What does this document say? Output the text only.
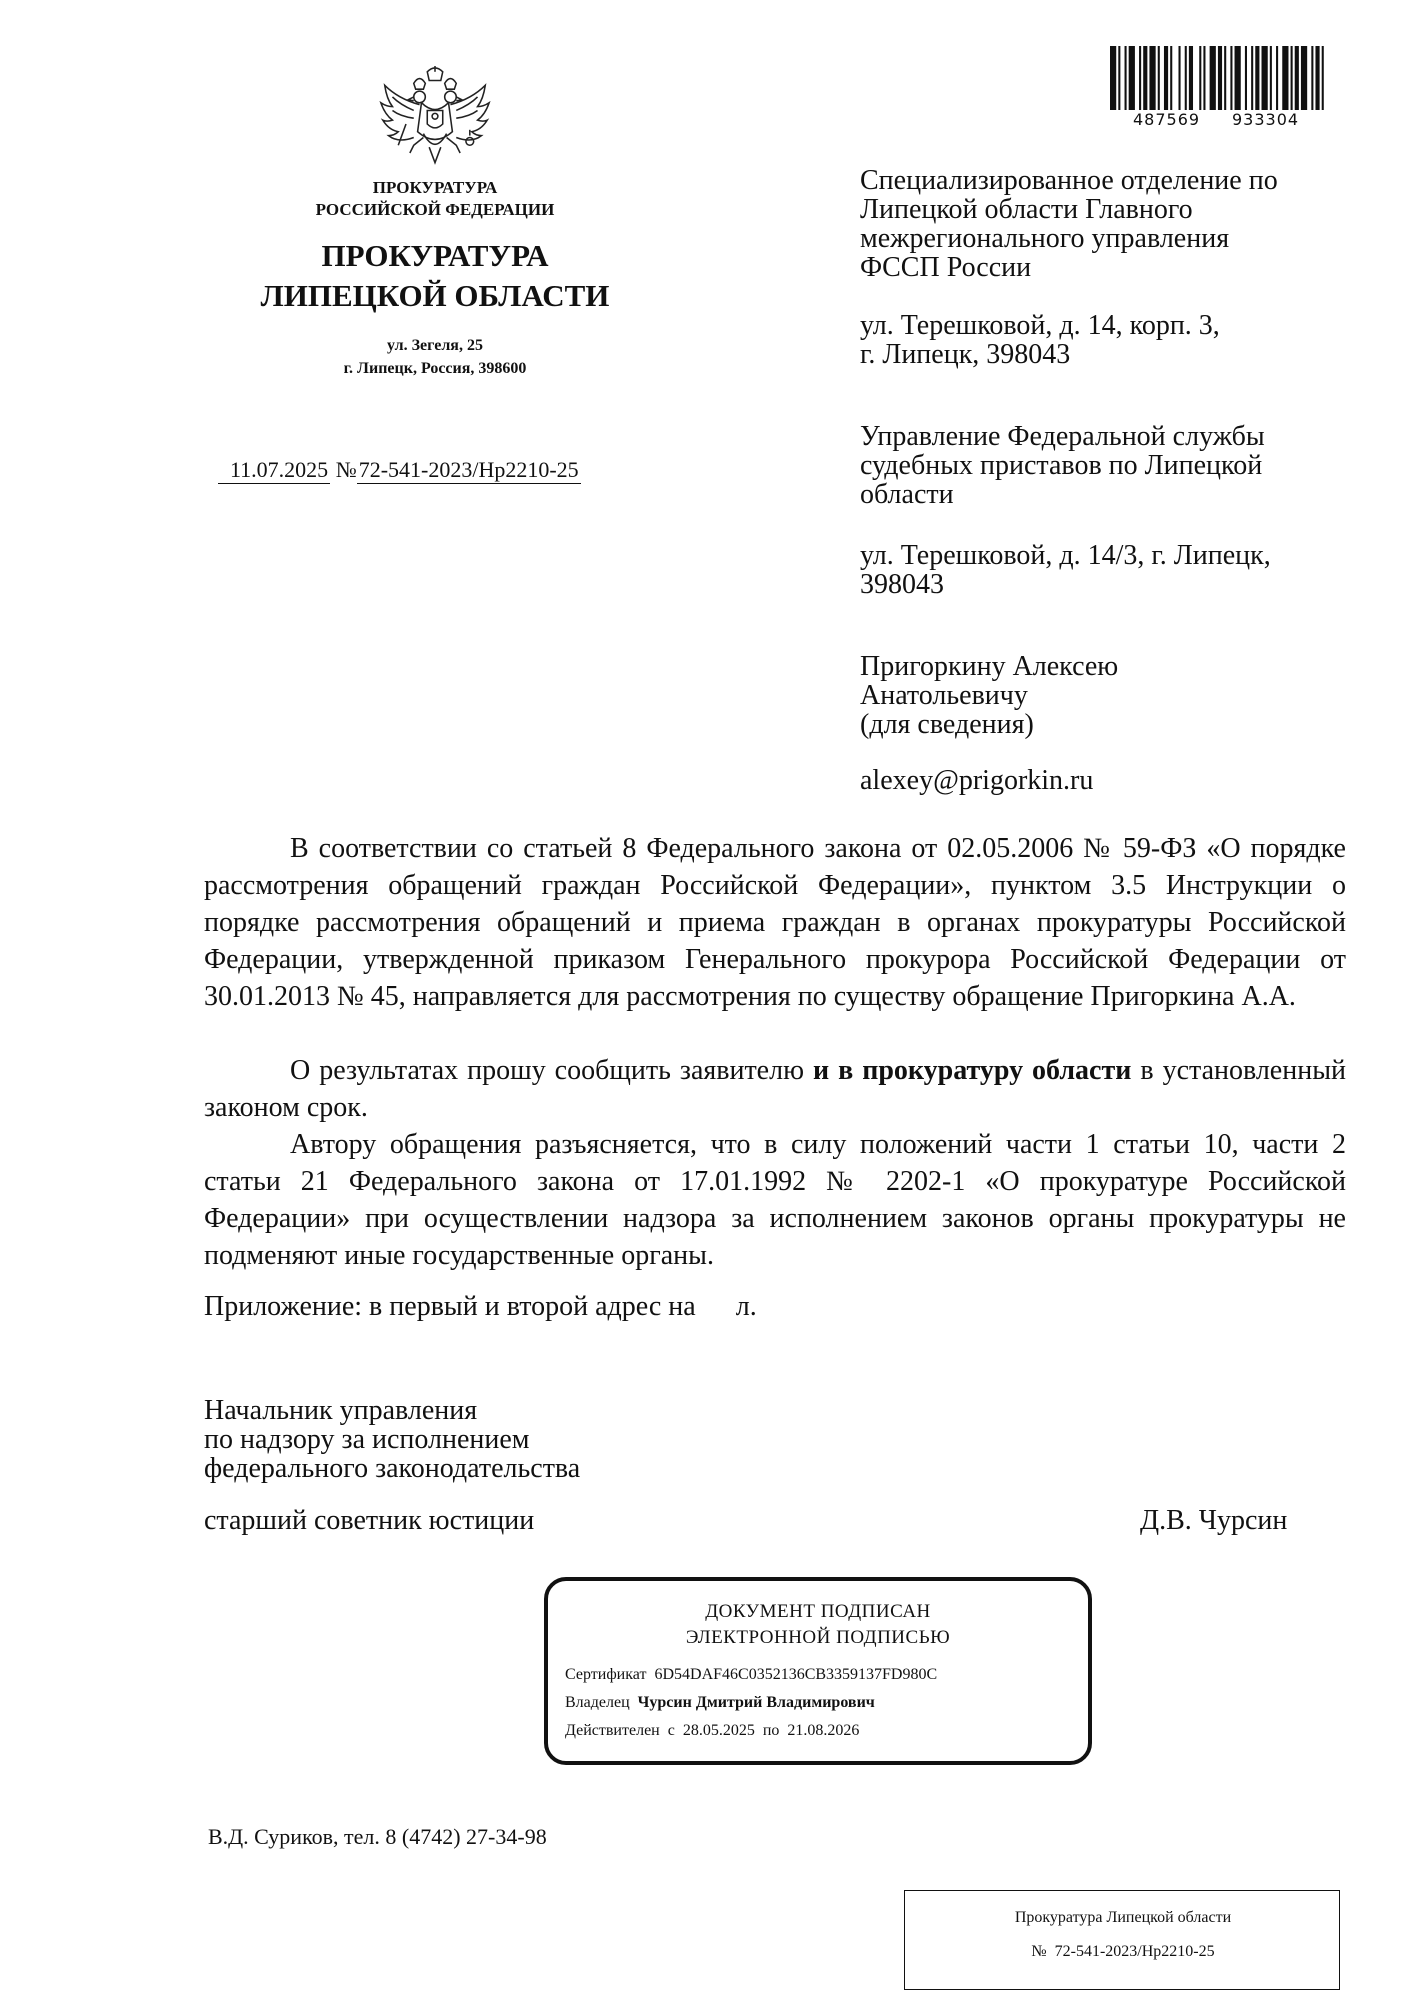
ПРОКУРАТУРА
РОССИЙСКОЙ ФЕДЕРАЦИИ
ПРОКУРАТУРА
ЛИПЕЦКОЙ ОБЛАСТИ
ул. Зегеля, 25
г. Липецк, Россия, 398600
11.07.2025 №72-541-2023/Нр2210-25
487569 933304
Специализированное отделение по
Липецкой области Главного
межрегионального управления
ФССП России
ул. Терешковой, д. 14, корп. 3,
г. Липецк, 398043
Управление Федеральной службы
судебных приставов по Липецкой
области
ул. Терешковой, д. 14/3, г. Липецк,
398043
Пригоркину Алексею
Анатольевичу
(для сведения)
alexey@prigorkin.ru

В соответствии со статьей 8 Федерального закона от 02.05.2006 № 59-ФЗ «О порядке рассмотрения обращений граждан Российской Федерации», пунктом 3.5 Инструкции о порядке рассмотрения обращений и приема граждан в органах прокуратуры Российской Федерации, утвержденной приказом Генерального прокурора Российской Федерации от 30.01.2013 № 45, направляется для рассмотрения по существу обращение Пригоркина А.А.

О результатах прошу сообщить заявителю и в прокуратуру области в установленный законом срок.

Автору обращения разъясняется, что в силу положений части 1 статьи 10, части 2 статьи 21 Федерального закона от 17.01.1992 № 2202-1 «О прокуратуре Российской Федерации» при осуществлении надзора за исполнением законов органы прокуратуры не подменяют иные государственные органы.

Приложение: в первый и второй адрес на л.
Начальник управления
по надзору за исполнением
федерального законодательства
старший советник юстиции	Д.В. Чурсин
ДОКУМЕНТ ПОДПИСАН
ЭЛЕКТРОННОЙ ПОДПИСЬЮ
Сертификат 6D54DAF46C0352136CB3359137FD980C
Владелец Чурсин Дмитрий Владимирович
Действителен с 28.05.2025 по 21.08.2026
В.Д. Суриков, тел. 8 (4742) 27-34-98
Прокуратура Липецкой области
№ 72-541-2023/Нр2210-25
